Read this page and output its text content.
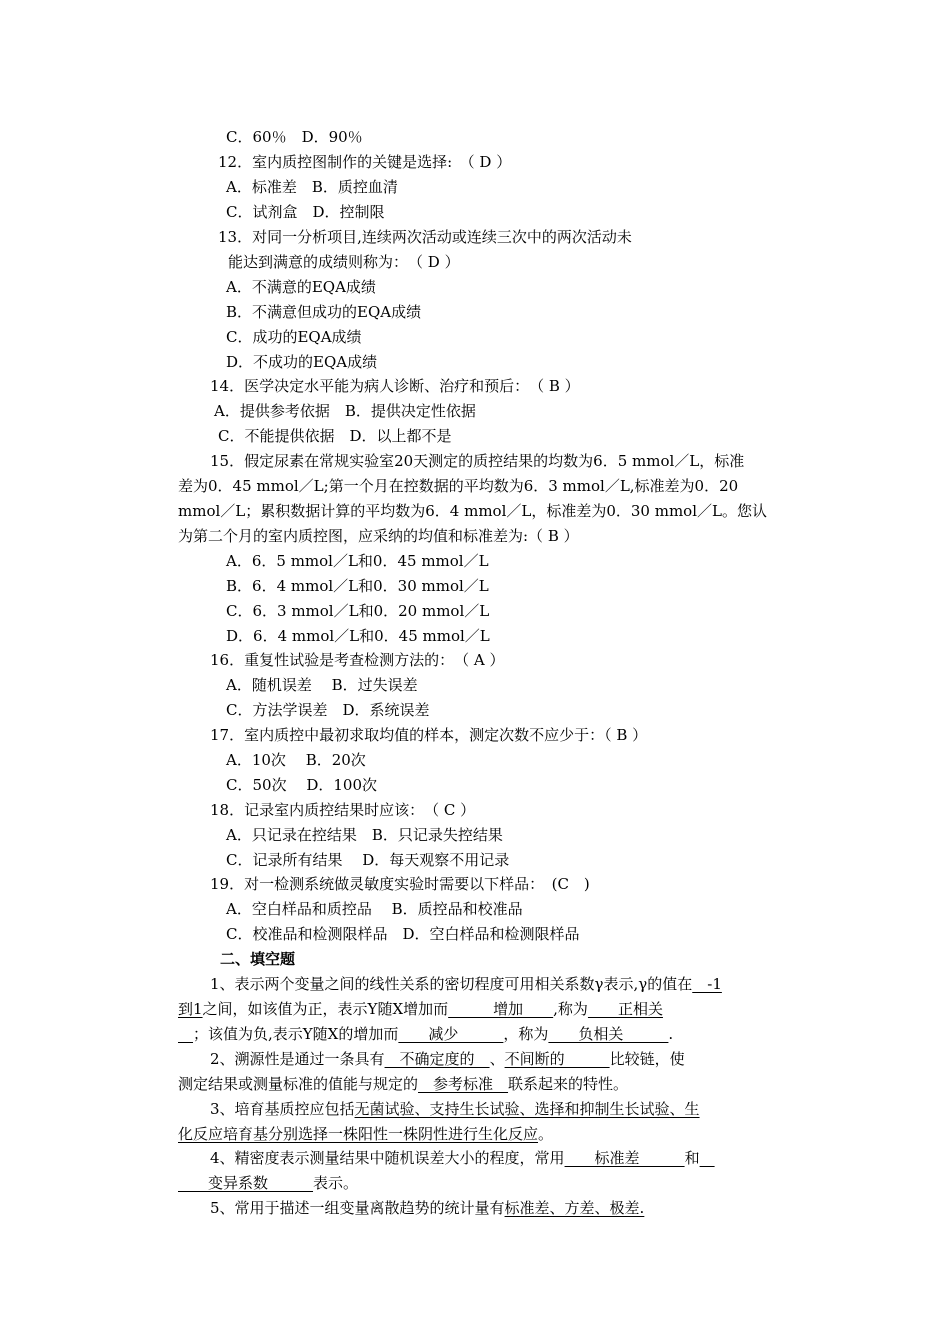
C．60％　D．90％
12．室内质控图制作的关键是选择:　（ D ）
A．标准差　B．质控血清
C．试剂盒　D．控制限
13．对同一分析项目,连续两次活动或连续三次中的两次活动未
能达到满意的成绩则称为：　（ D ）
A．不满意的EQA成绩
B．不满意但成功的EQA成绩
C．成功的EQA成绩
D．不成功的EQA成绩
14．医学决定水平能为病人诊断、治疗和预后：　（ B ）
A．提供参考依据　B．提供决定性依据
C．不能提供依据　D．以上都不是
15．假定尿素在常规实验室20天测定的质控结果的均数为6．5 mmol／L，标准
差为0．45 mmol／L;第一个月在控数据的平均数为6．3 mmol／L,标准差为0．20
mmol／L；累积数据计算的平均数为6．4 mmol／L，标准差为0．30 mmol／L。您认
为第二个月的室内质控图，应采纳的均值和标准差为:（ B ）
A．6．5 mmol／L和0．45 mmol／L
B．6．4 mmol／L和0．30 mmol／L
C．6．3 mmol／L和0．20 mmol／L
D．6．4 mmol／L和0．45 mmol／L
16．重复性试验是考查检测方法的：　（ A ）
A．随机误差　 B．过失误差
C．方法学误差　D．系统误差
17．室内质控中最初求取均值的样本，测定次数不应少于：（ B ）
A．10次　 B．20次
C．50次　 D．100次
18．记录室内质控结果时应该：　（ C ）
A．只记录在控结果　B．只记录失控结果
C．记录所有结果　 D．每天观察不用记录
19．对一检测系统做灵敏度实验时需要以下样品：　(C　)
A．空白样品和质控品　 B．质控品和校准品
C．校准品和检测限样品　D．空白样品和检测限样品
二、填空题
1、表示两个变量之间的线性关系的密切程度可用相关系数γ表示,γ的值在　-1
到1之间，如该值为正，表示Y随X增加而　　　增加　　,称为　　正相关
　；该值为负,表示Y随X的增加而　　减少　　　，称为　　负相关　　　.
2、溯源性是通过一条具有　不确定度的　、不间断的　　　比较链，使
测定结果或测量标准的值能与规定的　参考标准　联系起来的特性。
3、培育基质控应包括无菌试验、支持生长试验、选择和抑制生长试验、生
化反应培育基分别选择一株阳性一株阴性进行生化反应。
4、精密度表示测量结果中随机误差大小的程度，常用　　标准差　　　和　
　　变异系数　　　表示。
5、常用于描述一组变量离散趋势的统计量有标准差、方差、极差.
